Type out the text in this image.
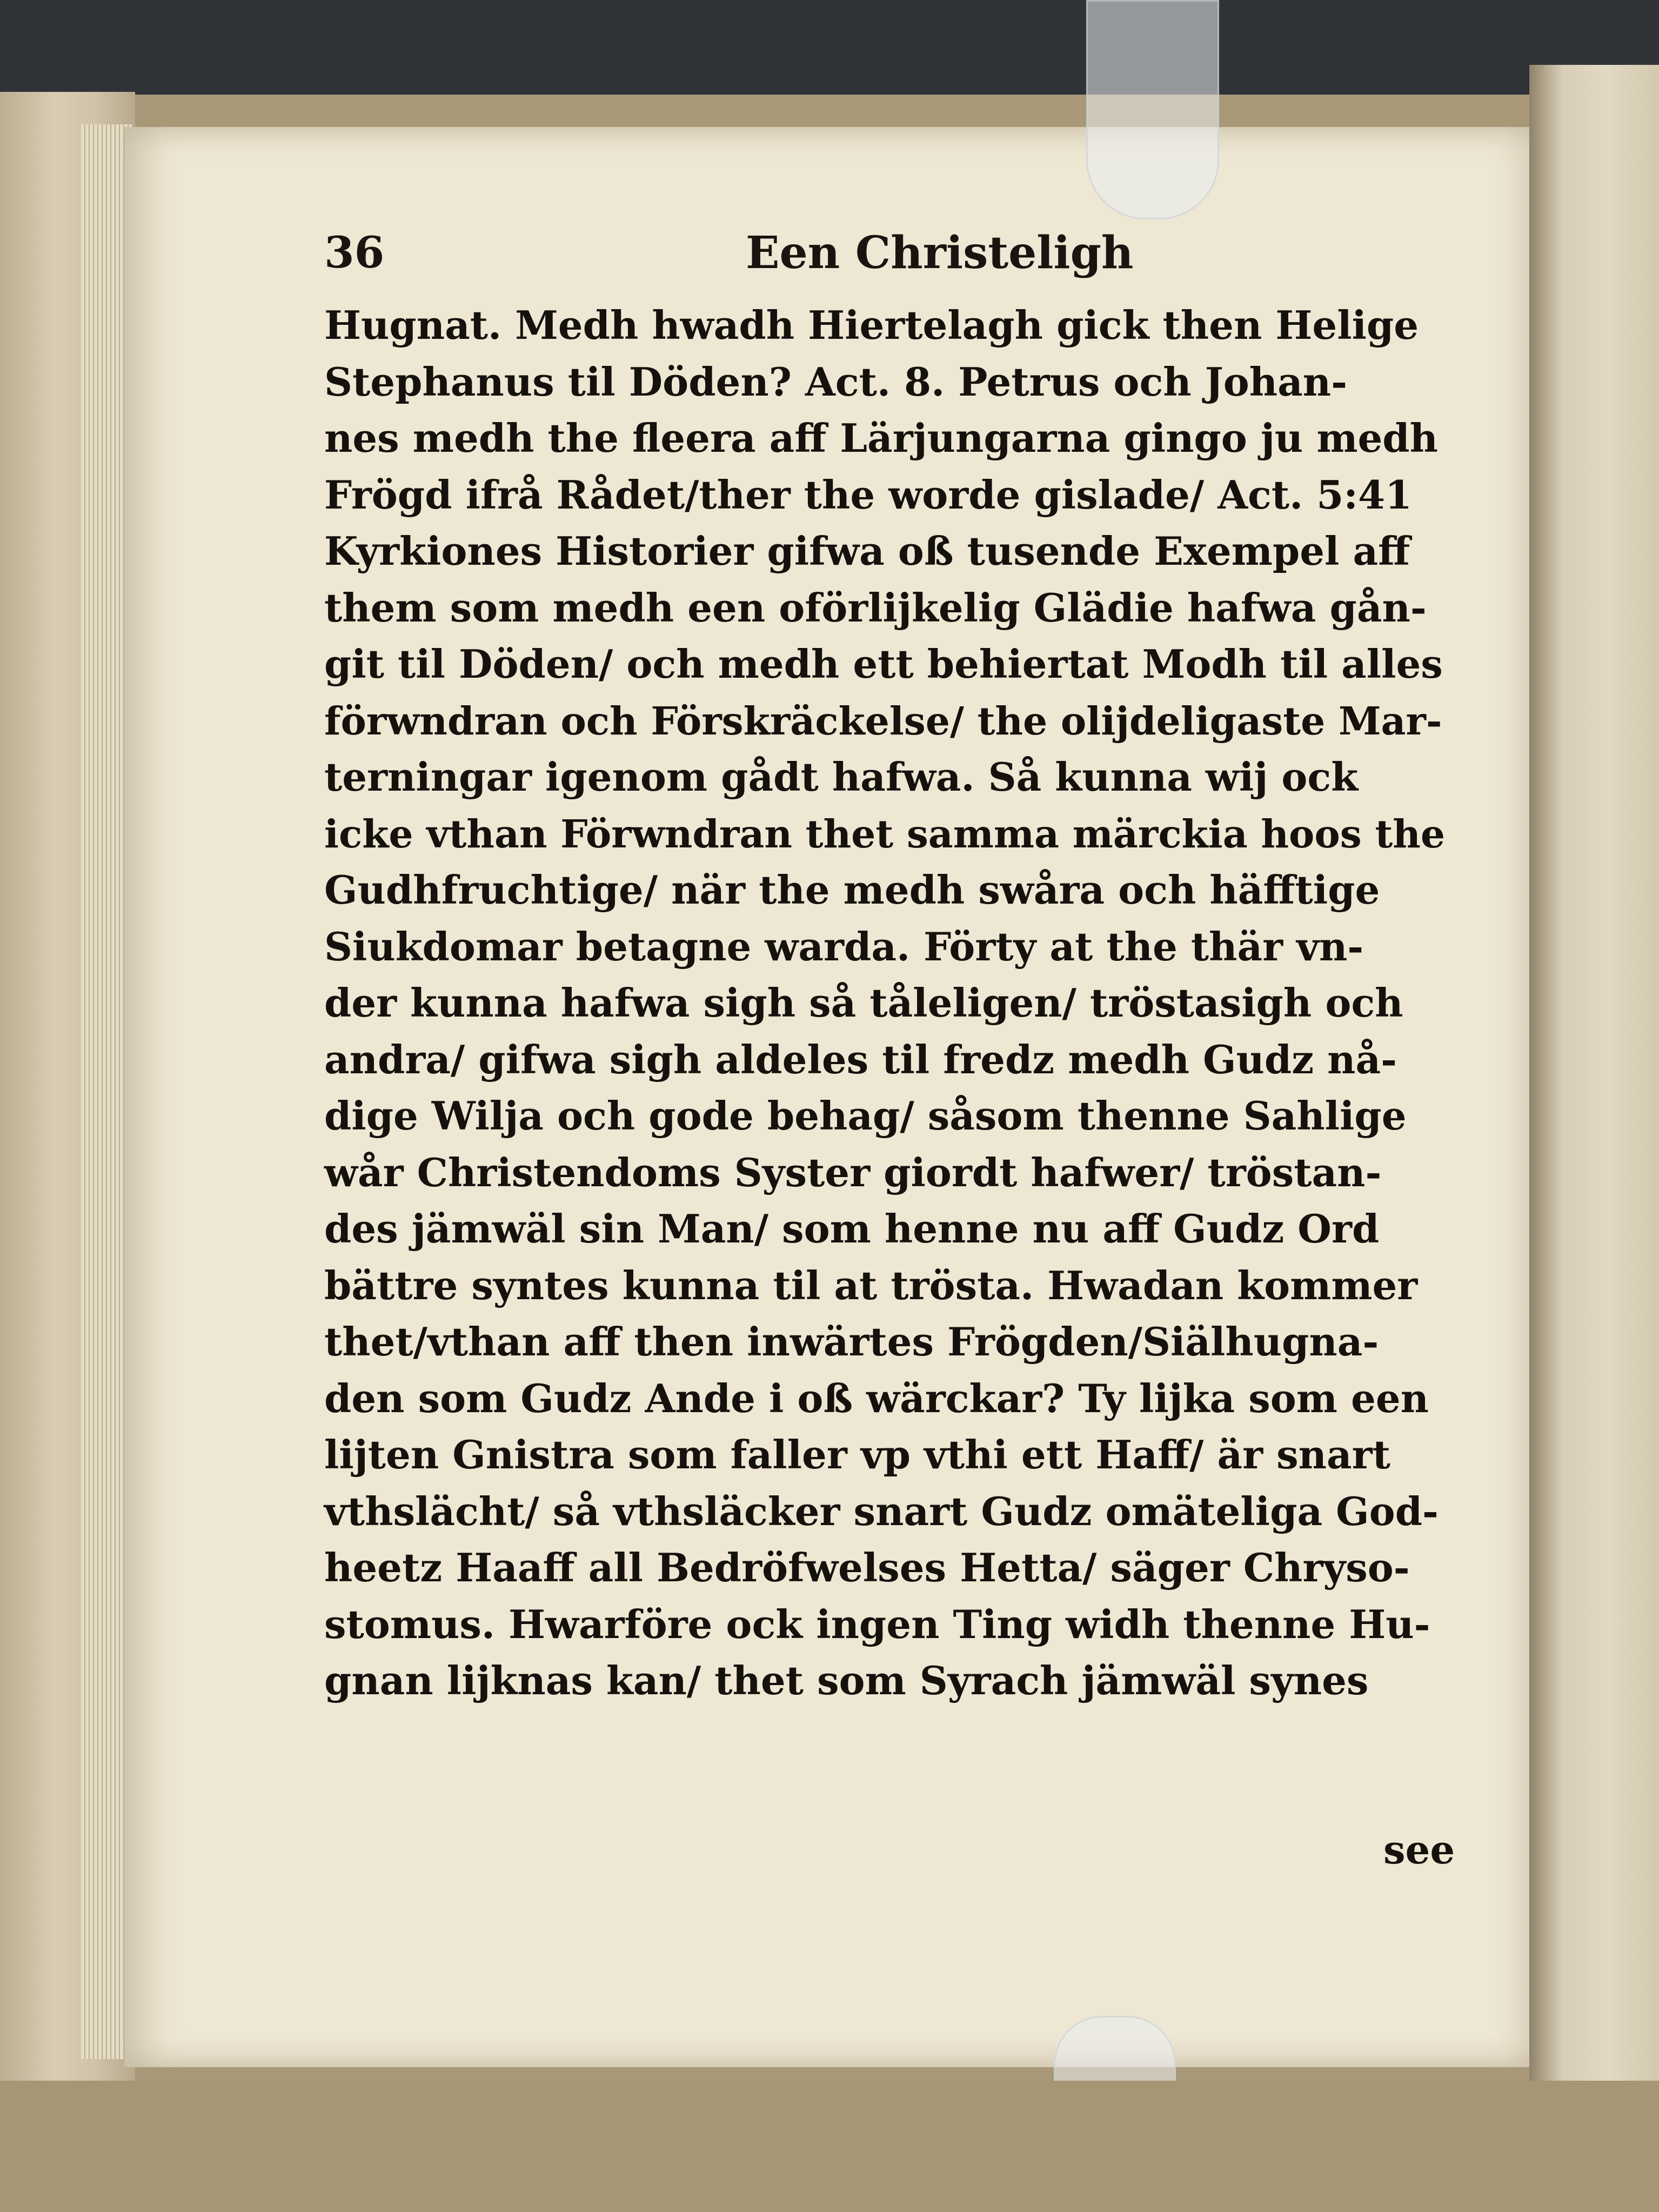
36	Een Christeligh
Hugnat. Medh hwadh Hiertelagh gick then Helige
Stephanus til Döden? Act. 8. Petrus och Johan-
nes medh the fleera aff Lärjungarna gingo ju medh
Frögd ifrå Rådet/ther the worde gislade/ Act. 5:41
Kyrkiones Historier gifwa oß tusende Exempel aff
them som medh een oförlijkelig Glädie hafwa gån-
git til Döden/ och medh ett behiertat Modh til alles
förwndran och Förskräckelse/ the olijdeligaste Mar-
terningar igenom gådt hafwa. Så kunna wij ock
icke vthan Förwndran thet samma märckia hoos the
Gudhfruchtige/ när the medh swåra och häfftige
Siukdomar betagne warda. Förty at the thär vn-
der kunna hafwa sigh så tåleligen/ tröstasigh och
andra/ gifwa sigh aldeles til fredz medh Gudz nå-
dige Wilja och gode behag/ såsom thenne Sahlige
wår Christendoms Syster giordt hafwer/ tröstan-
des jämwäl sin Man/ som henne nu aff Gudz Ord
bättre syntes kunna til at trösta. Hwadan kommer
thet/vthan aff then inwärtes Frögden/Siälhugna-
den som Gudz Ande i oß wärckar? Ty lijka som een
lijten Gnistra som faller vp vthi ett Haff/ är snart
vthslächt/ så vthsläcker snart Gudz omäteliga God-
heetz Haaff all Bedröfwelses Hetta/ säger Chryso-
stomus. Hwarföre ock ingen Ting widh thenne Hu-
gnan lijknas kan/ thet som Syrach jämwäl synes
see
